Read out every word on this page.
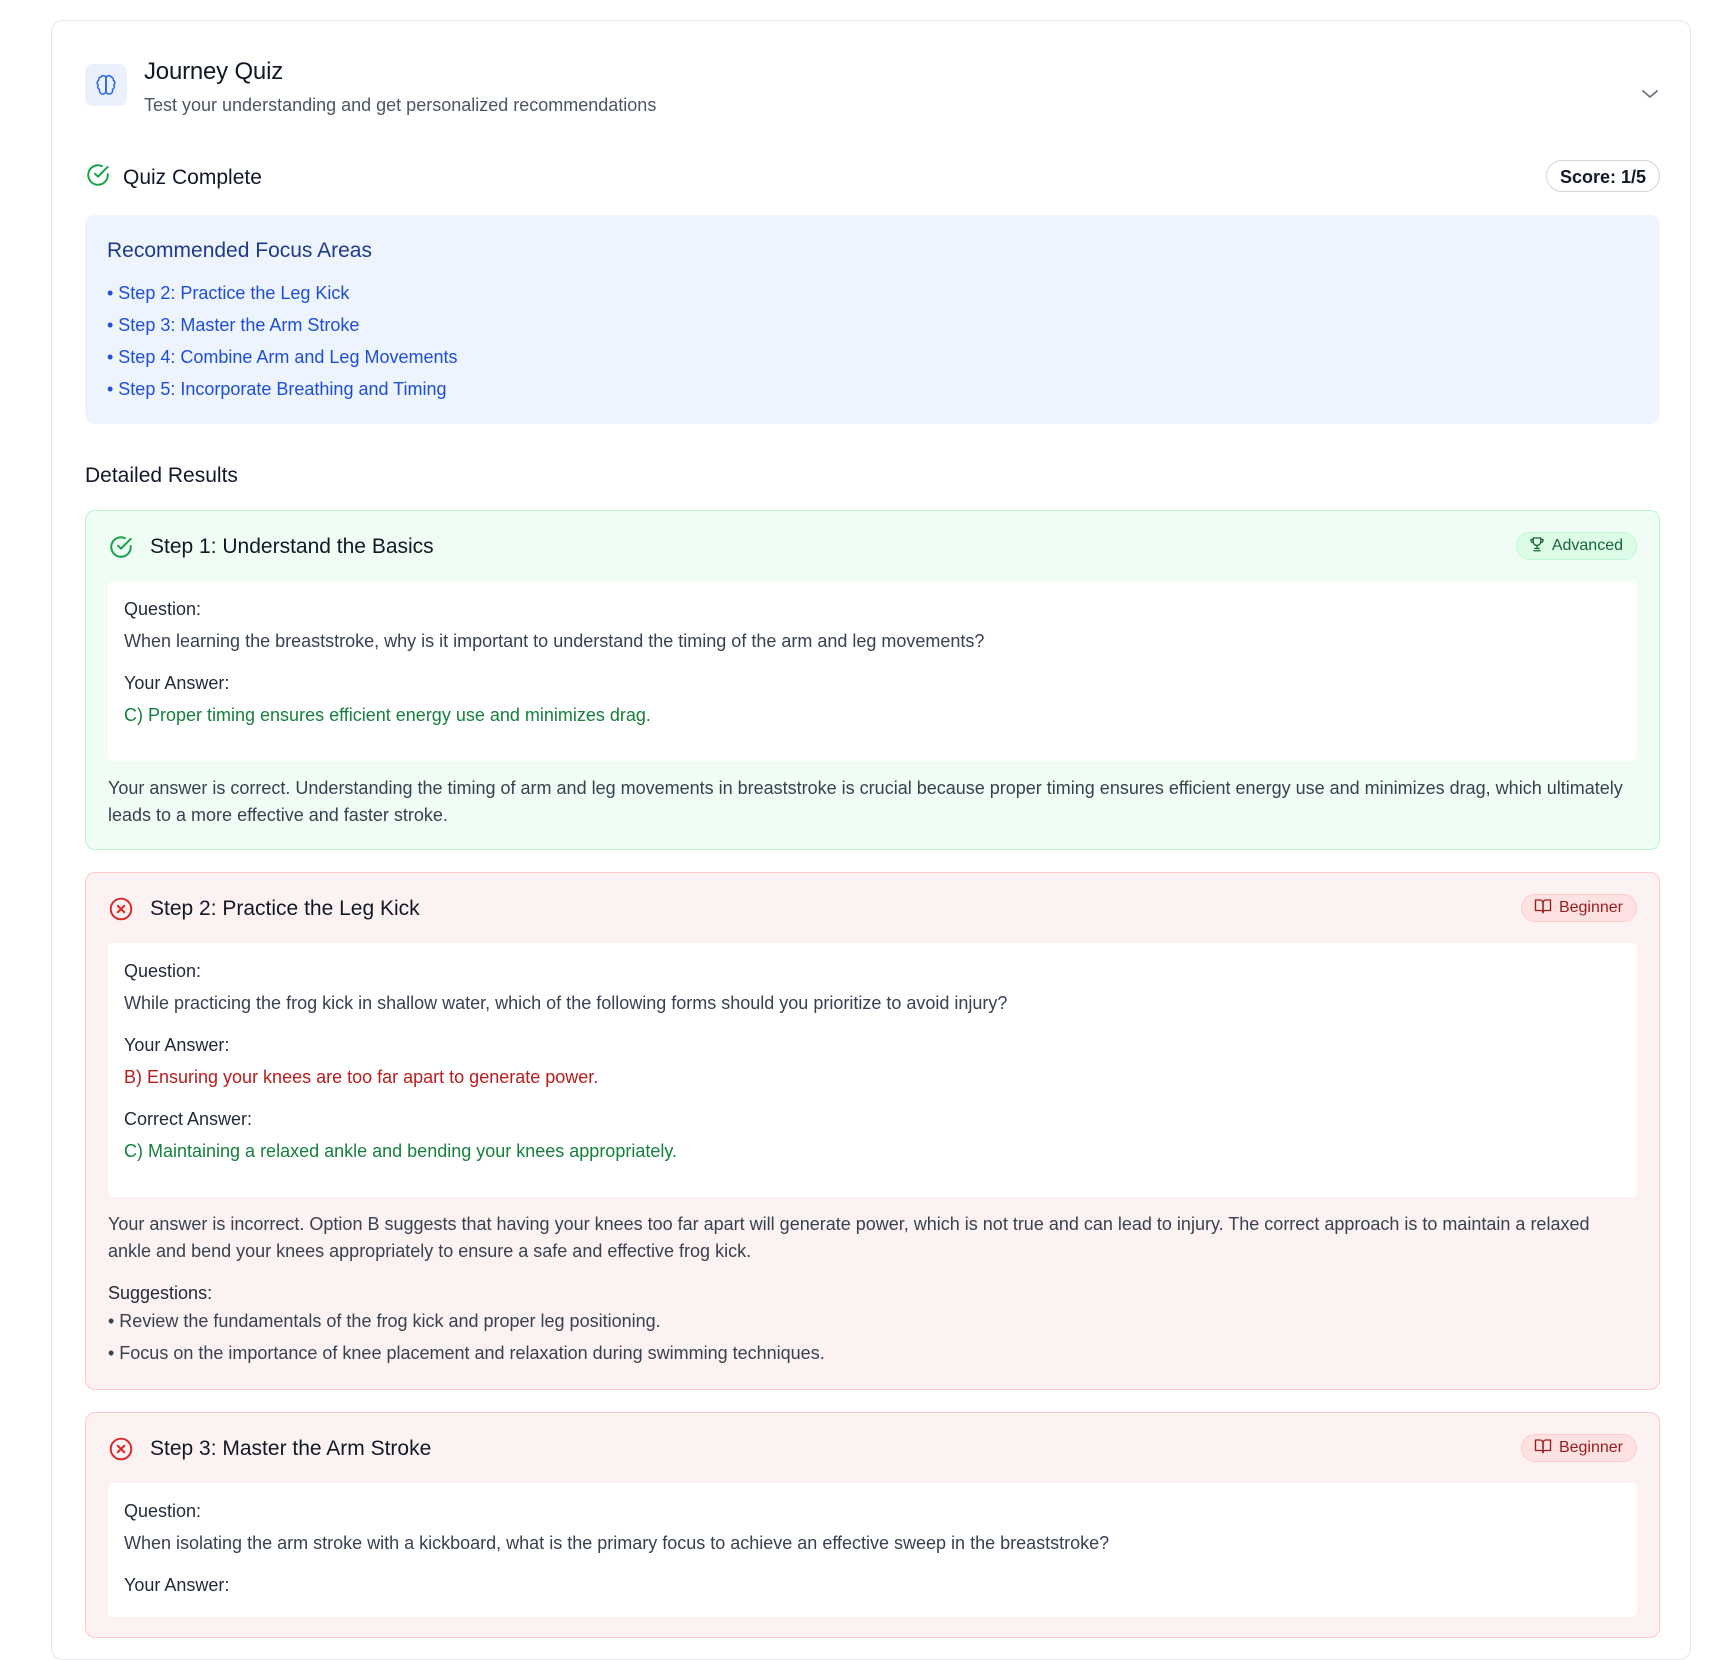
Journey Quiz
Test your understanding and get personalized recommendations
Quiz Complete	Score: 1/5
Recommended Focus Areas
• Step 2: Practice the Leg Kick
• Step 3: Master the Arm Stroke
• Step 4: Combine Arm and Leg Movements
• Step 5: Incorporate Breathing and Timing
Detailed Results
Step 1: Understand the Basics	Advanced
Question:
When learning the breaststroke, why is it important to understand the timing of the arm and leg movements?
Your Answer:
C) Proper timing ensures efficient energy use and minimizes drag.
Your answer is correct. Understanding the timing of arm and leg movements in breaststroke is crucial because proper timing ensures efficient energy use and minimizes drag, which ultimately leads to a more effective and faster stroke.
Step 2: Practice the Leg Kick	Beginner
Question:
While practicing the frog kick in shallow water, which of the following forms should you prioritize to avoid injury?
Your Answer:
B) Ensuring your knees are too far apart to generate power.
Correct Answer:
C) Maintaining a relaxed ankle and bending your knees appropriately.
Your answer is incorrect. Option B suggests that having your knees too far apart will generate power, which is not true and can lead to injury. The correct approach is to maintain a relaxed ankle and bend your knees appropriately to ensure a safe and effective frog kick.
Suggestions:
• Review the fundamentals of the frog kick and proper leg positioning.
• Focus on the importance of knee placement and relaxation during swimming techniques.
Step 3: Master the Arm Stroke	Beginner
Question:
When isolating the arm stroke with a kickboard, what is the primary focus to achieve an effective sweep in the breaststroke?
Your Answer:
